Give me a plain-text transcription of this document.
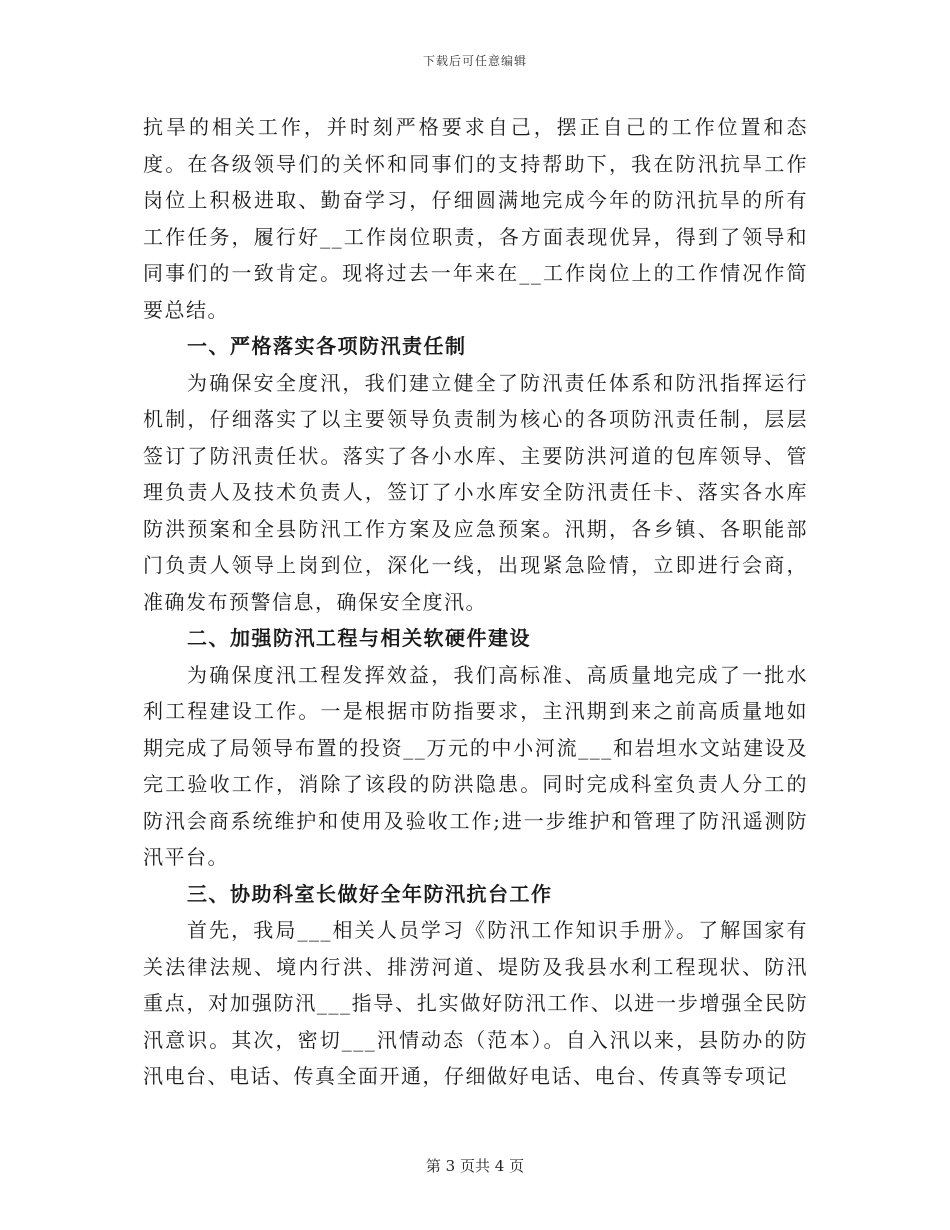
下载后可任意编辑

抗旱的相关工作，并时刻严格要求自己，摆正自己的工作位置和态度。在各级领导们的关怀和同事们的支持帮助下，我在防汛抗旱工作岗位上积极进取、勤奋学习，仔细圆满地完成今年的防汛抗旱的所有工作任务，履行好__工作岗位职责，各方面表现优异，得到了领导和同事们的一致肯定。现将过去一年来在__工作岗位上的工作情况作简要总结。

一、严格落实各项防汛责任制

为确保安全度汛，我们建立健全了防汛责任体系和防汛指挥运行机制，仔细落实了以主要领导负责制为核心的各项防汛责任制，层层签订了防汛责任状。落实了各小水库、主要防洪河道的包库领导、管理负责人及技术负责人，签订了小水库安全防汛责任卡、落实各水库防洪预案和全县防汛工作方案及应急预案。汛期，各乡镇、各职能部门负责人领导上岗到位，深化一线，出现紧急险情，立即进行会商，准确发布预警信息，确保安全度汛。

二、加强防汛工程与相关软硬件建设

为确保度汛工程发挥效益，我们高标准、高质量地完成了一批水利工程建设工作。一是根据市防指要求，主汛期到来之前高质量地如期完成了局领导布置的投资__万元的中小河流___和岩坦水文站建设及完工验收工作，消除了该段的防洪隐患。同时完成科室负责人分工的防汛会商系统维护和使用及验收工作;进一步维护和管理了防汛遥测防汛平台。

三、协助科室长做好全年防汛抗台工作

首先，我局___相关人员学习《防汛工作知识手册》。了解国家有关法律法规、境内行洪、排涝河道、堤防及我县水利工程现状、防汛重点，对加强防汛___指导、扎实做好防汛工作、以进一步增强全民防汛意识。其次，密切___汛情动态（范本）。自入汛以来，县防办的防汛电台、电话、传真全面开通，仔细做好电话、电台、传真等专项记

第 3 页共 4 页
